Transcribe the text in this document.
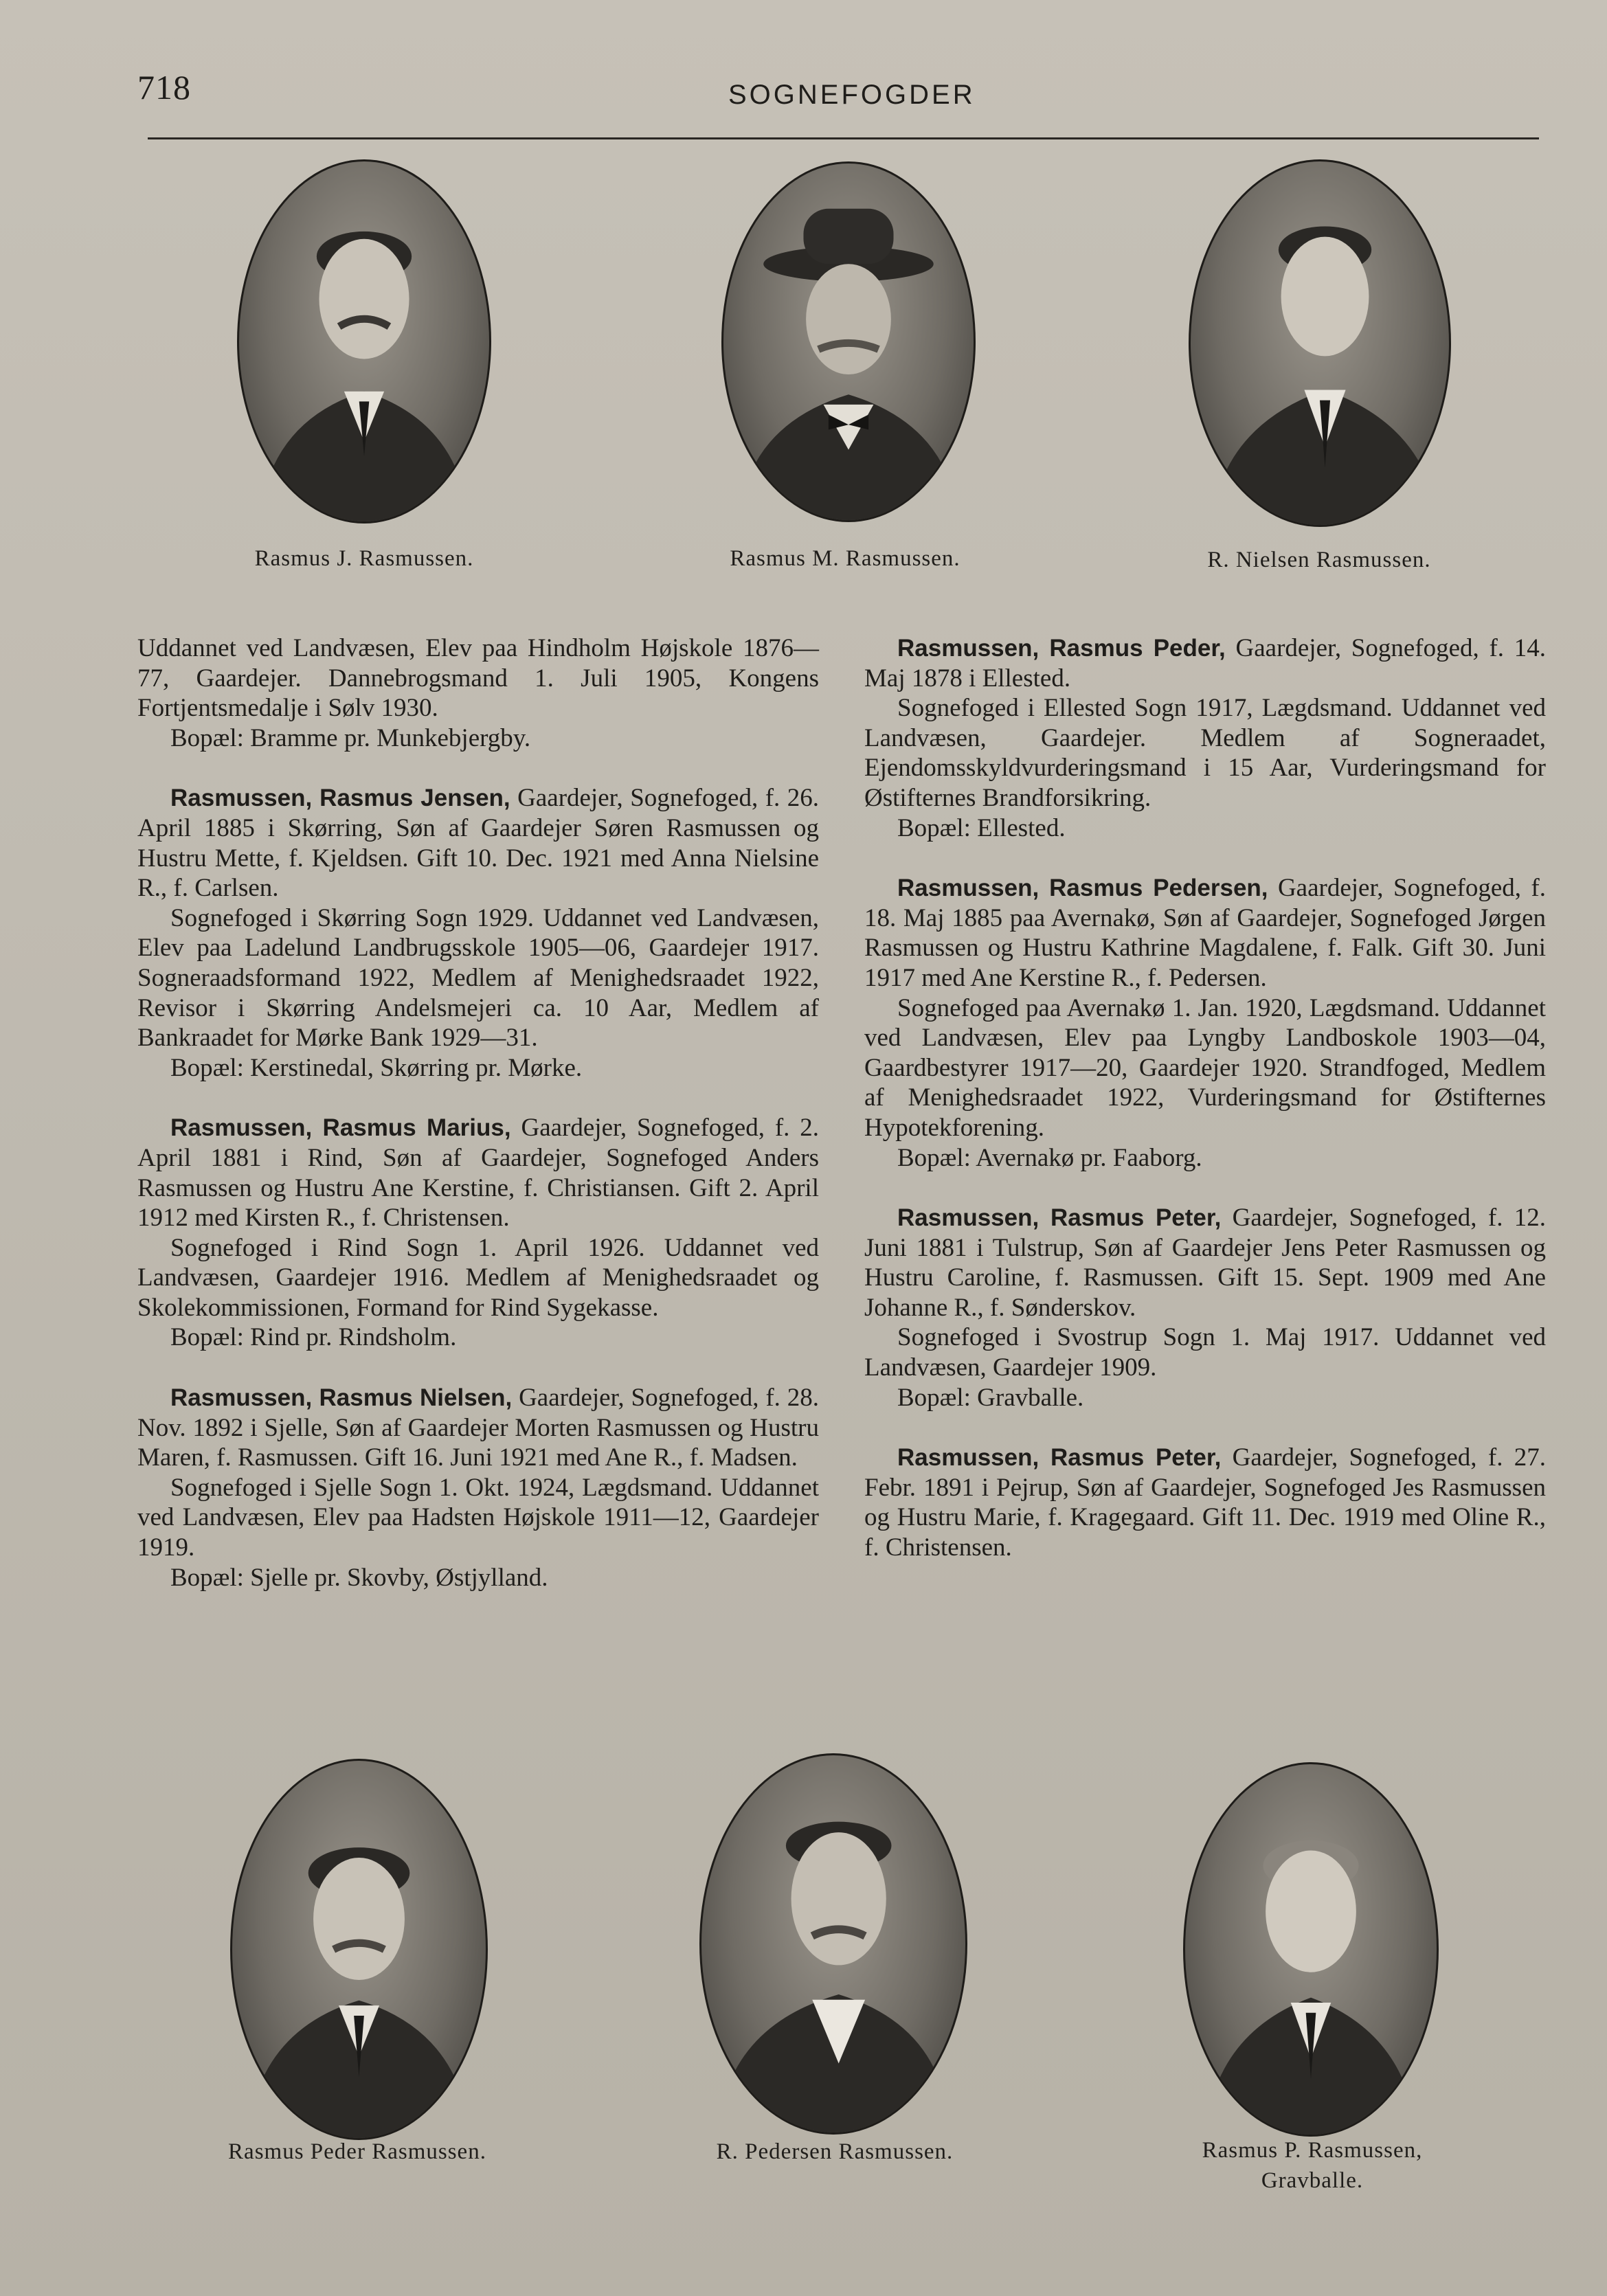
718	SOGNEFOGDER
Rasmus J. Rasmussen.	Rasmus M. Rasmussen.	R. Nielsen Rasmussen.

Uddannet ved Landvæsen, Elev paa Hindholm Højskole 1876—77, Gaardejer. Dannebrogsmand 1. Juli 1905, Kongens Fortjentsmedalje i Sølv 1930.

Bopæl: Bramme pr. Munkebjergby.

Rasmussen, Rasmus Jensen, Gaardejer, Sognefoged, f. 26. April 1885 i Skørring, Søn af Gaardejer Søren Rasmussen og Hustru Mette, f. Kjeldsen. Gift 10. Dec. 1921 med Anna Nielsine R., f. Carlsen.

Sognefoged i Skørring Sogn 1929. Uddannet ved Landvæsen, Elev paa Ladelund Landbrugsskole 1905—06, Gaardejer 1917. Sogneraadsformand 1922, Medlem af Menighedsraadet 1922, Revisor i Skørring Andelsmejeri ca. 10 Aar, Medlem af Bankraadet for Mørke Bank 1929—31.

Bopæl: Kerstinedal, Skørring pr. Mørke.

Rasmussen, Rasmus Marius, Gaardejer, Sognefoged, f. 2. April 1881 i Rind, Søn af Gaardejer, Sognefoged Anders Rasmussen og Hustru Ane Kerstine, f. Christiansen. Gift 2. April 1912 med Kirsten R., f. Christensen.

Sognefoged i Rind Sogn 1. April 1926. Uddannet ved Landvæsen, Gaardejer 1916. Medlem af Menighedsraadet og Skolekommissionen, Formand for Rind Sygekasse.

Bopæl: Rind pr. Rindsholm.

Rasmussen, Rasmus Nielsen, Gaardejer, Sognefoged, f. 28. Nov. 1892 i Sjelle, Søn af Gaardejer Morten Rasmussen og Hustru Maren, f. Rasmussen. Gift 16. Juni 1921 med Ane R., f. Madsen.

Sognefoged i Sjelle Sogn 1. Okt. 1924, Lægdsmand. Uddannet ved Landvæsen, Elev paa Hadsten Højskole 1911—12, Gaardejer 1919.

Bopæl: Sjelle pr. Skovby, Østjylland.

Rasmussen, Rasmus Peder, Gaardejer, Sognefoged, f. 14. Maj 1878 i Ellested.

Sognefoged i Ellested Sogn 1917, Lægdsmand. Uddannet ved Landvæsen, Gaardejer. Medlem af Sogneraadet, Ejendomsskyldvurderingsmand i 15 Aar, Vurderingsmand for Østifternes Brandforsikring.

Bopæl: Ellested.

Rasmussen, Rasmus Pedersen, Gaardejer, Sognefoged, f. 18. Maj 1885 paa Avernakø, Søn af Gaardejer, Sognefoged Jørgen Rasmussen og Hustru Kathrine Magdalene, f. Falk. Gift 30. Juni 1917 med Ane Kerstine R., f. Pedersen.

Sognefoged paa Avernakø 1. Jan. 1920, Lægdsmand. Uddannet ved Landvæsen, Elev paa Lyngby Landboskole 1903—04, Gaardbestyrer 1917—20, Gaardejer 1920. Strandfoged, Medlem af Menighedsraadet 1922, Vurderingsmand for Østifternes Hypotekforening.

Bopæl: Avernakø pr. Faaborg.

Rasmussen, Rasmus Peter, Gaardejer, Sognefoged, f. 12. Juni 1881 i Tulstrup, Søn af Gaardejer Jens Peter Rasmussen og Hustru Caroline, f. Rasmussen. Gift 15. Sept. 1909 med Ane Johanne R., f. Sønderskov.

Sognefoged i Svostrup Sogn 1. Maj 1917. Uddannet ved Landvæsen, Gaardejer 1909.

Bopæl: Gravballe.

Rasmussen, Rasmus Peter, Gaardejer, Sognefoged, f. 27. Febr. 1891 i Pejrup, Søn af Gaardejer, Sognefoged Jes Rasmussen og Hustru Marie, f. Kragegaard. Gift 11. Dec. 1919 med Oline R., f. Christensen.

Rasmus Peder Rasmussen.	R. Pedersen Rasmussen.	Rasmus P. Rasmussen,
Gravballe.
